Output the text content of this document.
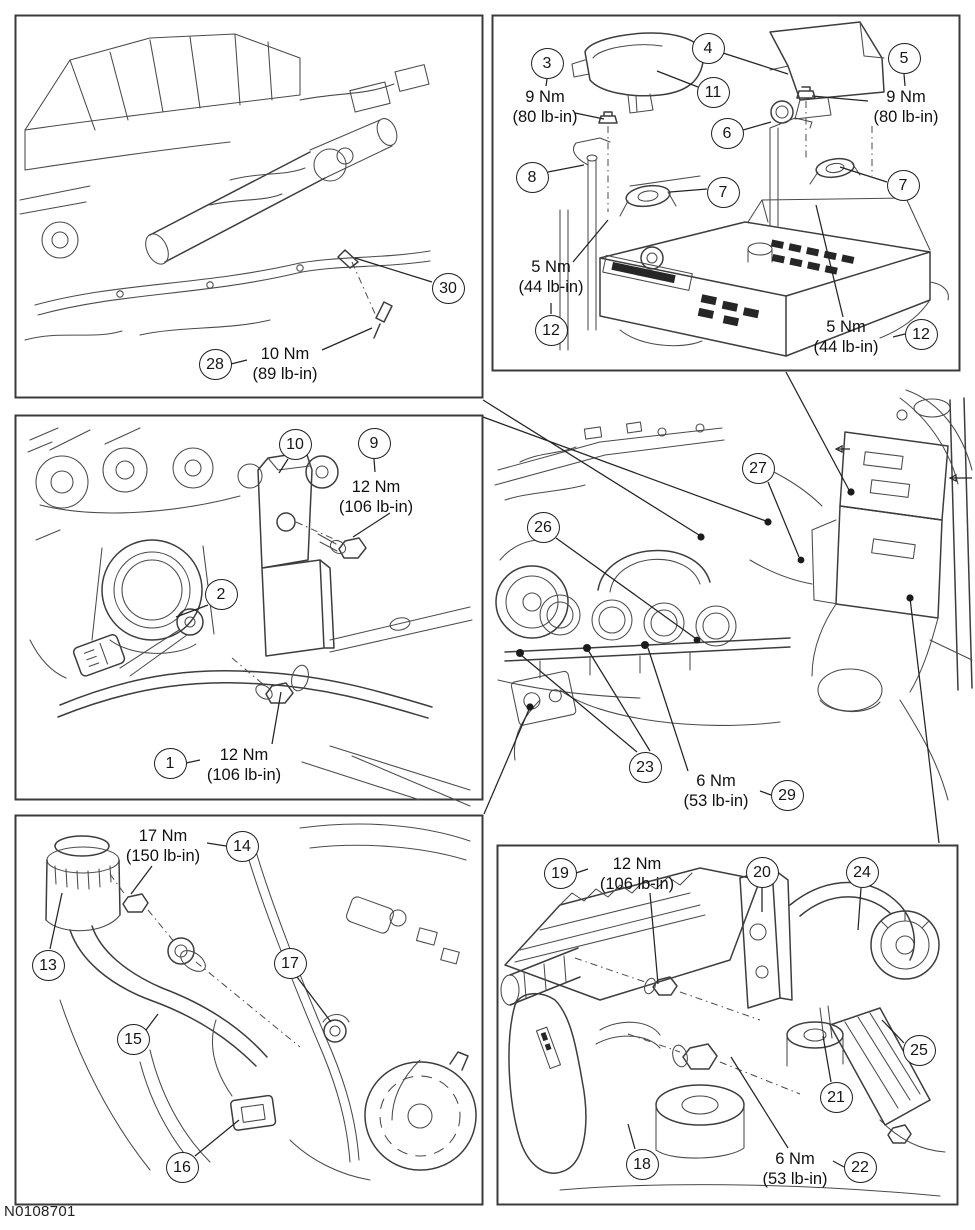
30
28
3
4
5
11
6
8
7	7
12	12
10	9
2
1
26
27
23
29
14
13	17
15
16
19	20	24
25
21
18	22
10 Nm
(89 lb-in)
9 Nm
(80 lb-in)
9 Nm
(80 lb-in)
5 Nm
(44 lb-in)
5 Nm
(44 lb-in)
12 Nm
(106 lb-in)
12 Nm
(106 lb-in)	6 Nm
(53 lb-in)
17 Nm
(150 lb-in)	12 Nm
(106 lb-in)
6 Nm
(53 lb-in)
N0108701
